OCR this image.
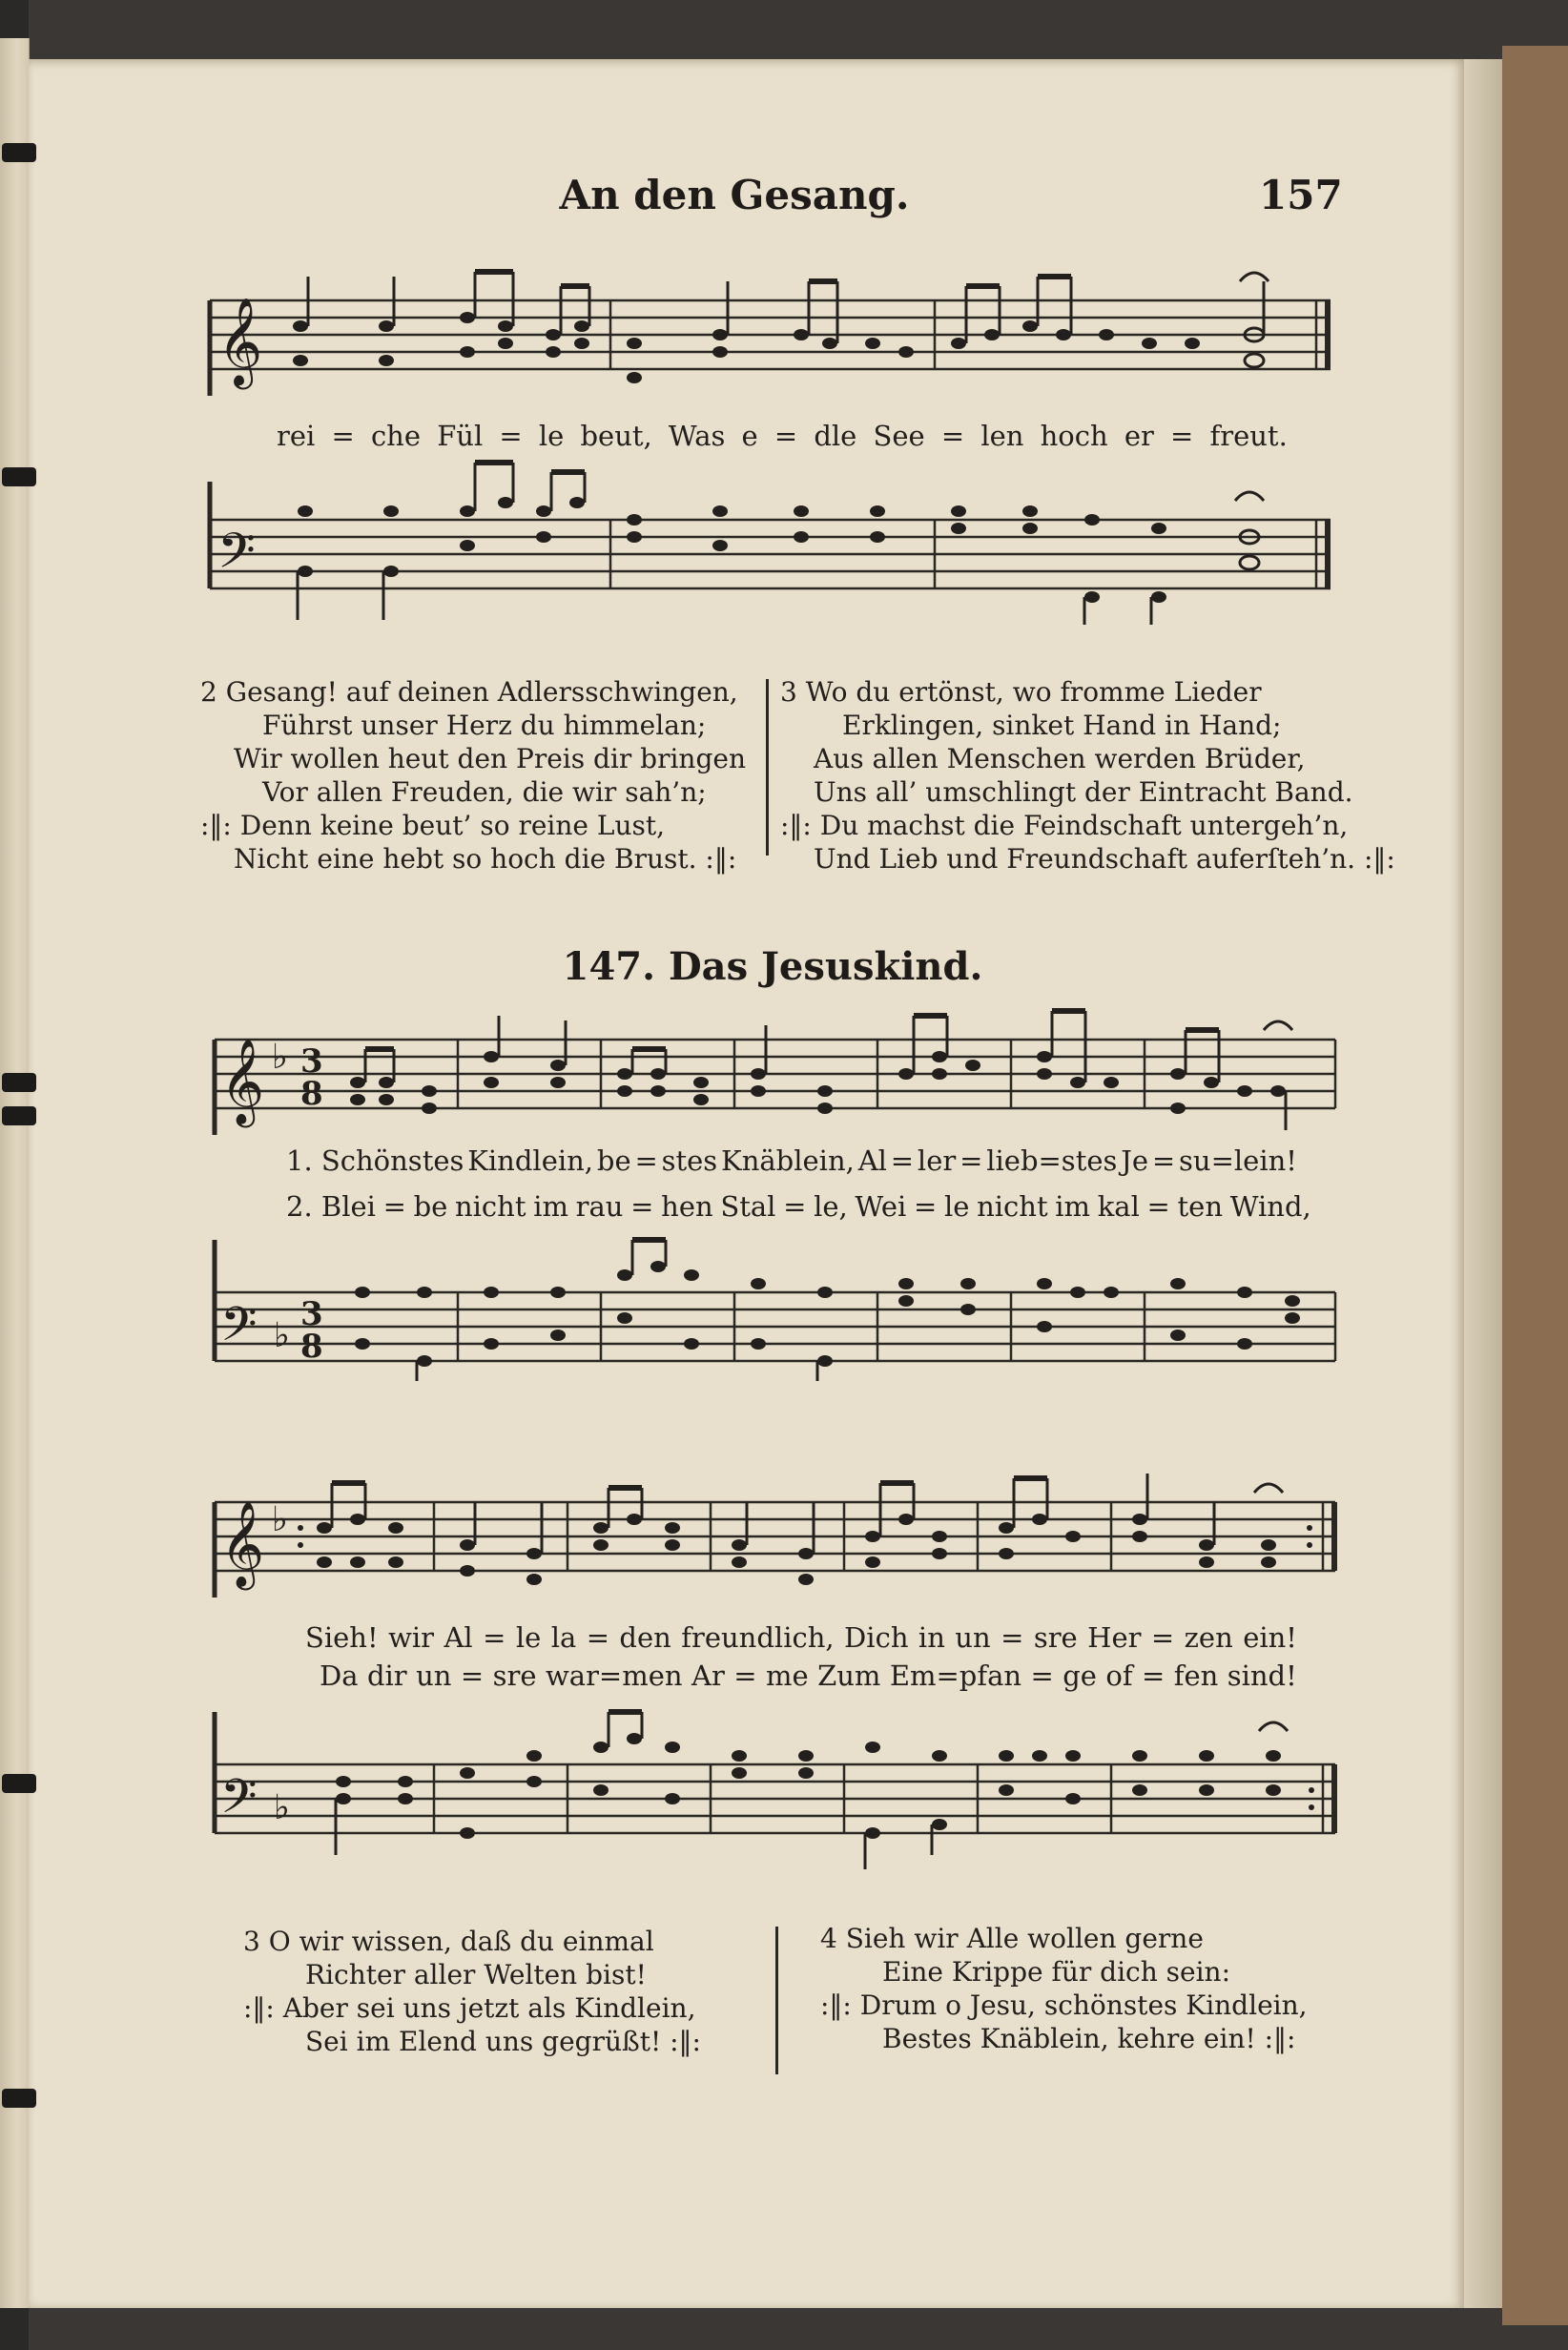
An den Gesang.	157
𝄞
rei = che Fül = le beut, Was e = dle See = len hoch er = freut.
𝄢
2 Gesang! auf deinen Adlersschwingen,
Führst unser Herz du himmelan;
Wir wollen heut den Preis dir bringen
Vor allen Freuden, die wir sah’n;
:‖: Denn keine beut’ so reine Lust,
Nicht eine hebt so hoch die Brust. :‖:
3 Wo du ertönst, wo fromme Lieder
Erklingen, sinket Hand in Hand;
Aus allen Menschen werden Brüder,
Uns all’ umschlingt der Eintracht Band.
:‖: Du machst die Feindschaft untergeh’n,
Und Lieb und Freundschaft auferſteh’n. :‖:
147. Das Jesuskind.
𝄞 ♭ 3
8
1. Schönstes Kindlein, be = stes Knäblein, Al = ler = lieb=stes Je = su=lein!
2. Blei = be nicht im rau = hen Stal = le, Wei = le nicht im kal = ten Wind,
𝄢 ♭
3
8
𝄞 ♭
Sieh! wir Al = le la = den freundlich, Dich in un = sre Her = zen ein!
Da dir un = sre war=men Ar = me Zum Em=pfan = ge of = fen sind!
𝄢 ♭
3 O wir wissen, daß du einmal
Richter aller Welten bist!
:‖: Aber sei uns jetzt als Kindlein,
Sei im Elend uns gegrüßt! :‖:
4 Sieh wir Alle wollen gerne
Eine Krippe für dich sein:
:‖: Drum o Jesu, schönstes Kindlein,
Bestes Knäblein, kehre ein! :‖:
